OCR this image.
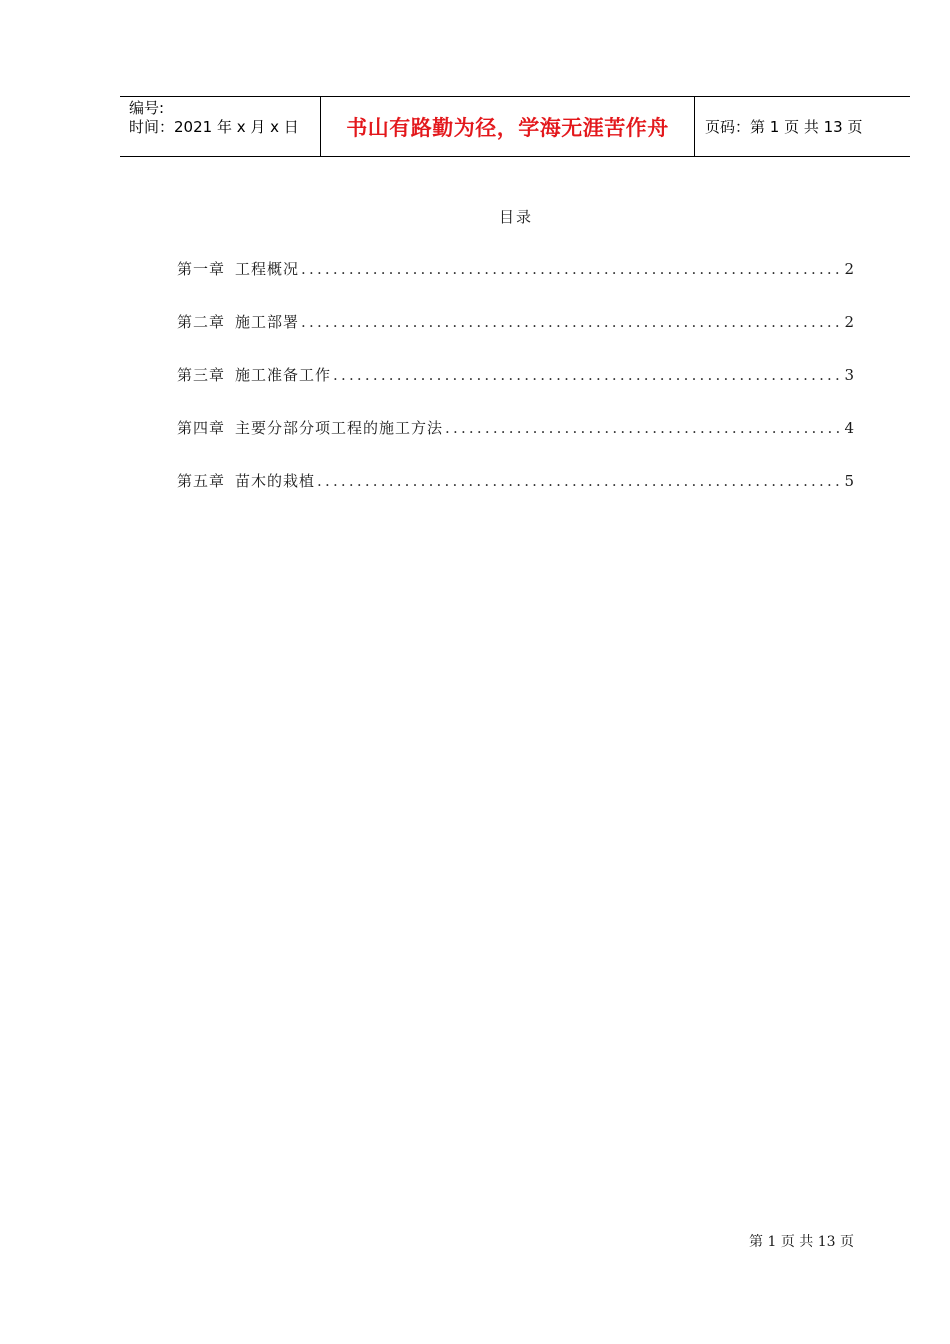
编号:
时间：2021 年 x 月 x 日	书山有路勤为径，学海无涯苦作舟 页码：第 1 页 共 13 页
目录
第一章 工程概况 .....	2
第二章 施工部署 .....	2
第三章 施工准备工作 .....	3
第四章 主要分部分项工程的施工方法 .....	4
第五章 苗木的栽植 .....	5
第 1 页 共 13 页
